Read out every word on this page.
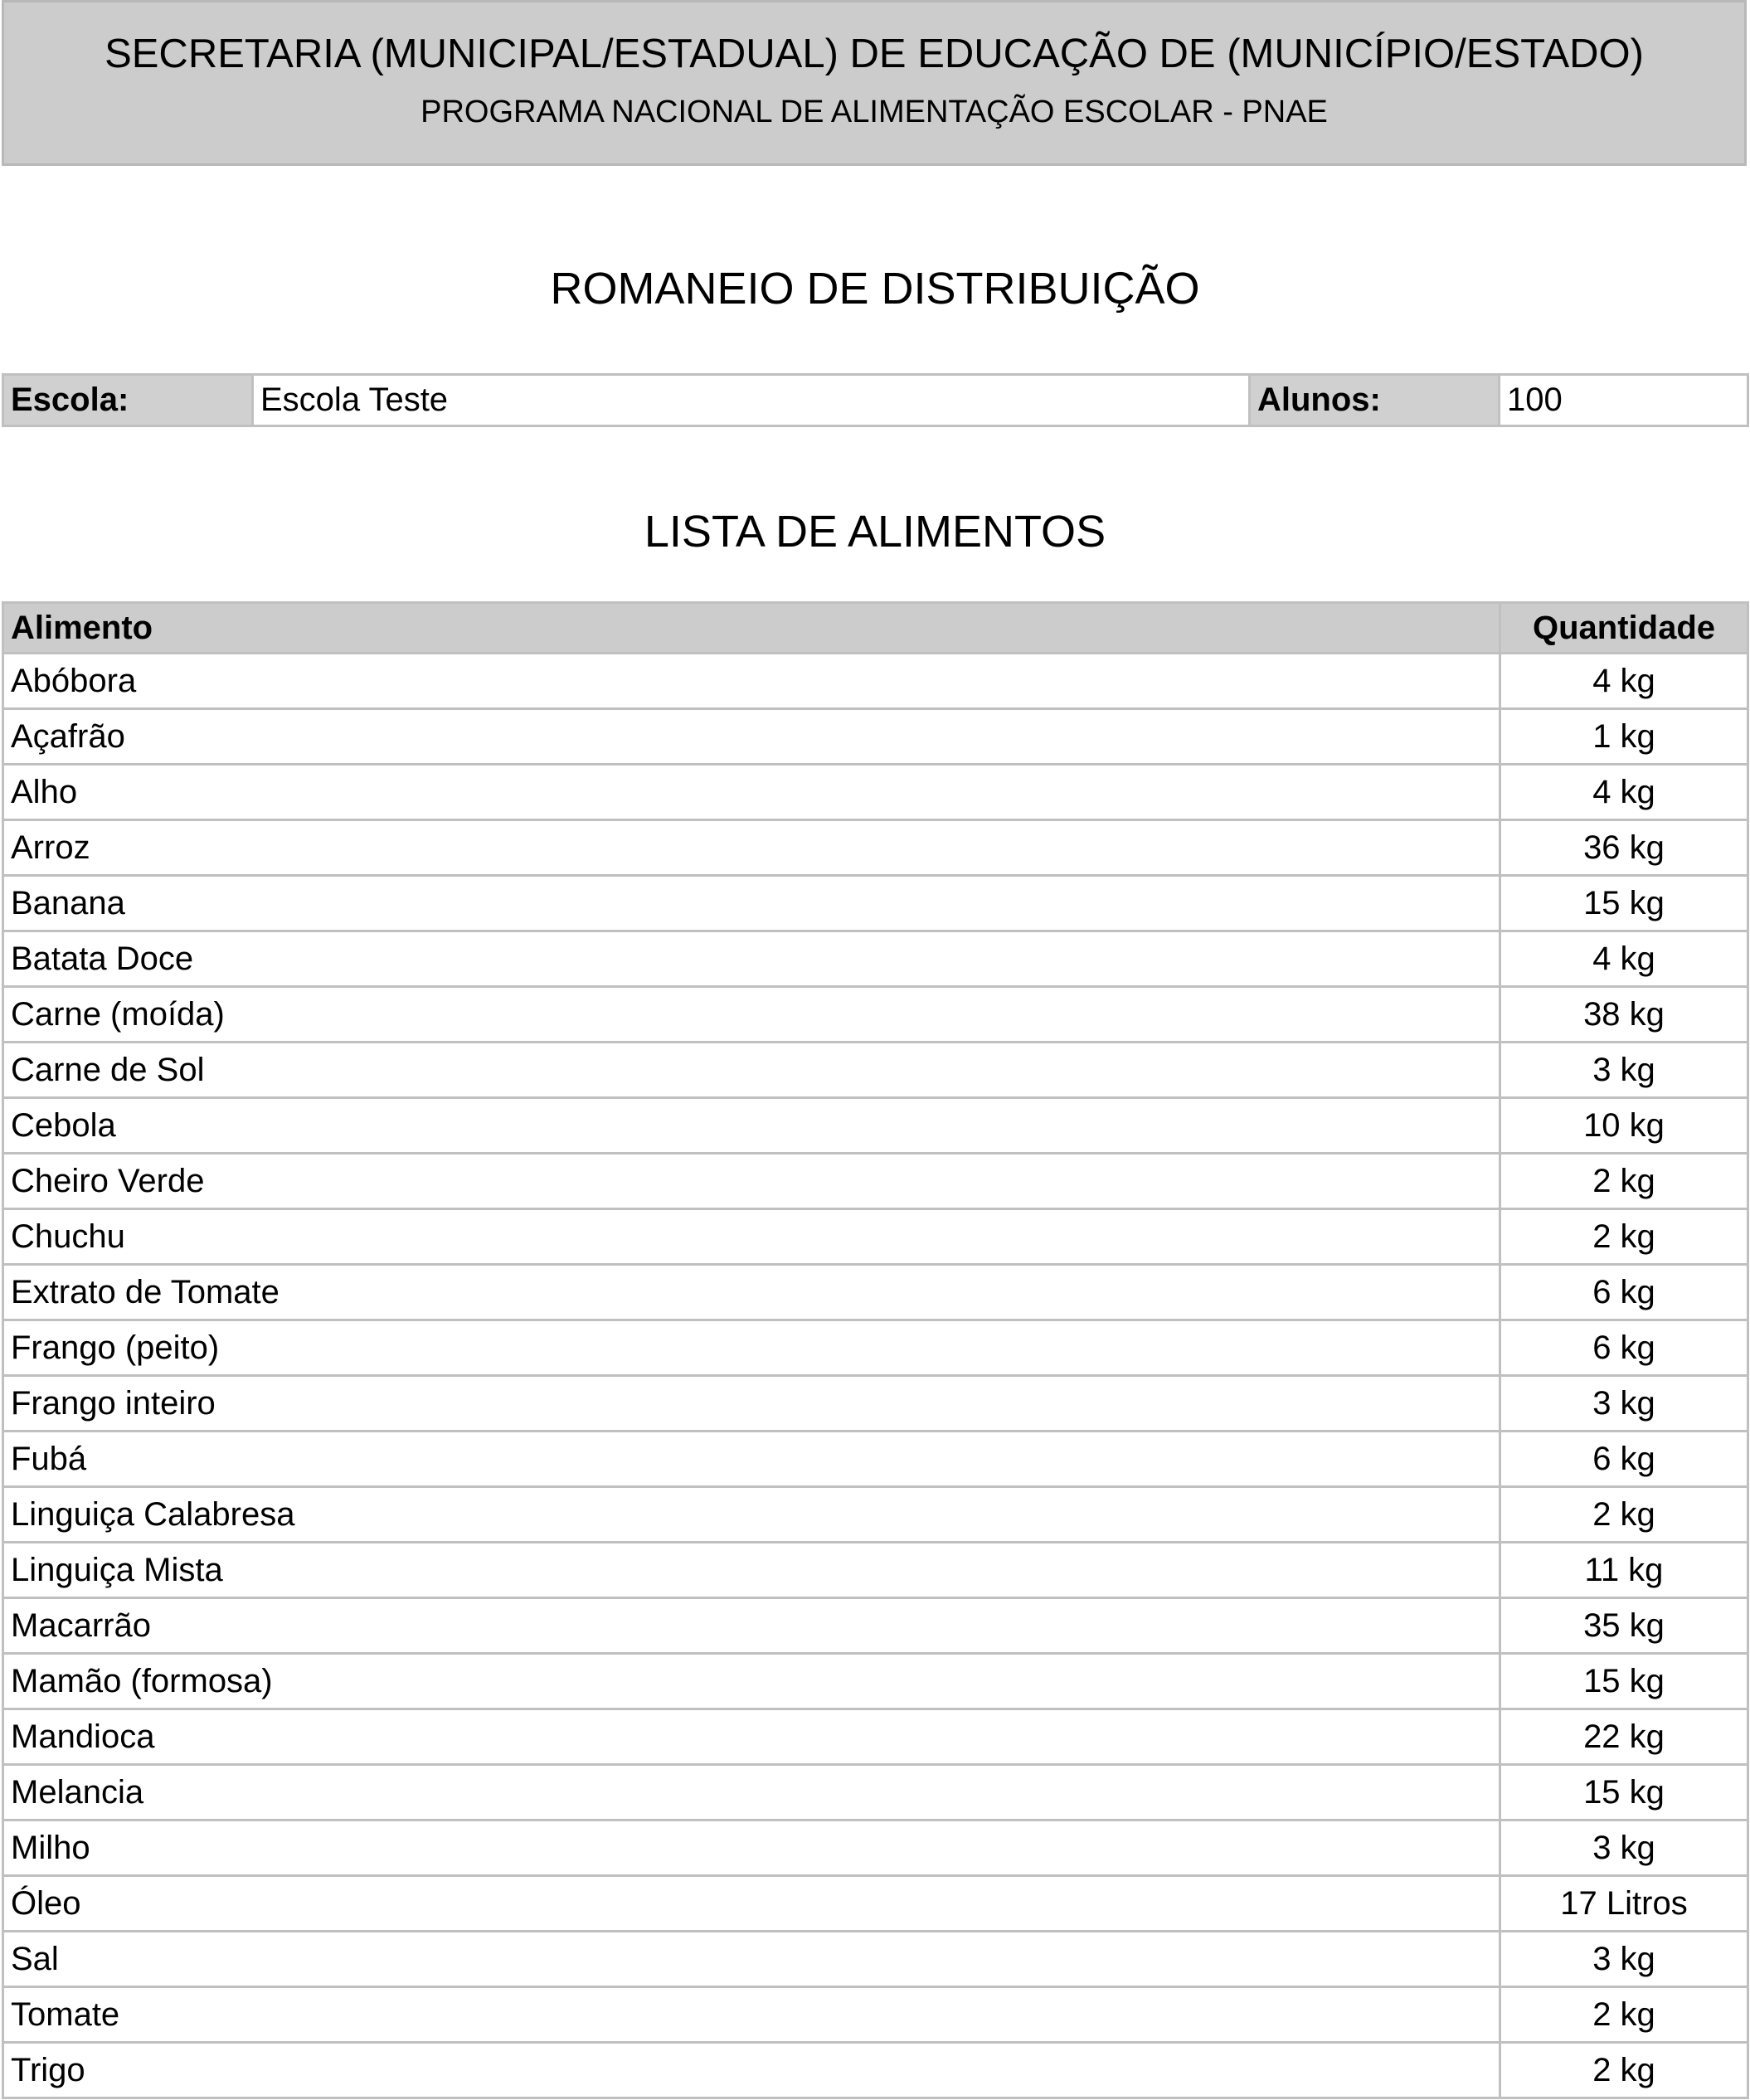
SECRETARIA (MUNICIPAL/ESTADUAL) DE EDUCAÇÃO DE (MUNICÍPIO/ESTADO)
PROGRAMA NACIONAL DE ALIMENTAÇÃO ESCOLAR - PNAE
ROMANEIO DE DISTRIBUIÇÃO
Escola:	Escola Teste	Alunos:	100
LISTA DE ALIMENTOS
Alimento	Quantidade
Abóbora	4 kg
Açafrão	1 kg
Alho	4 kg
Arroz	36 kg
Banana	15 kg
Batata Doce	4 kg
Carne (moída)	38 kg
Carne de Sol	3 kg
Cebola	10 kg
Cheiro Verde	2 kg
Chuchu	2 kg
Extrato de Tomate	6 kg
Frango (peito)	6 kg
Frango inteiro	3 kg
Fubá	6 kg
Linguiça Calabresa	2 kg
Linguiça Mista	11 kg
Macarrão	35 kg
Mamão (formosa)	15 kg
Mandioca	22 kg
Melancia	15 kg
Milho	3 kg
Óleo	17 Litros
Sal	3 kg
Tomate	2 kg
Trigo	2 kg
